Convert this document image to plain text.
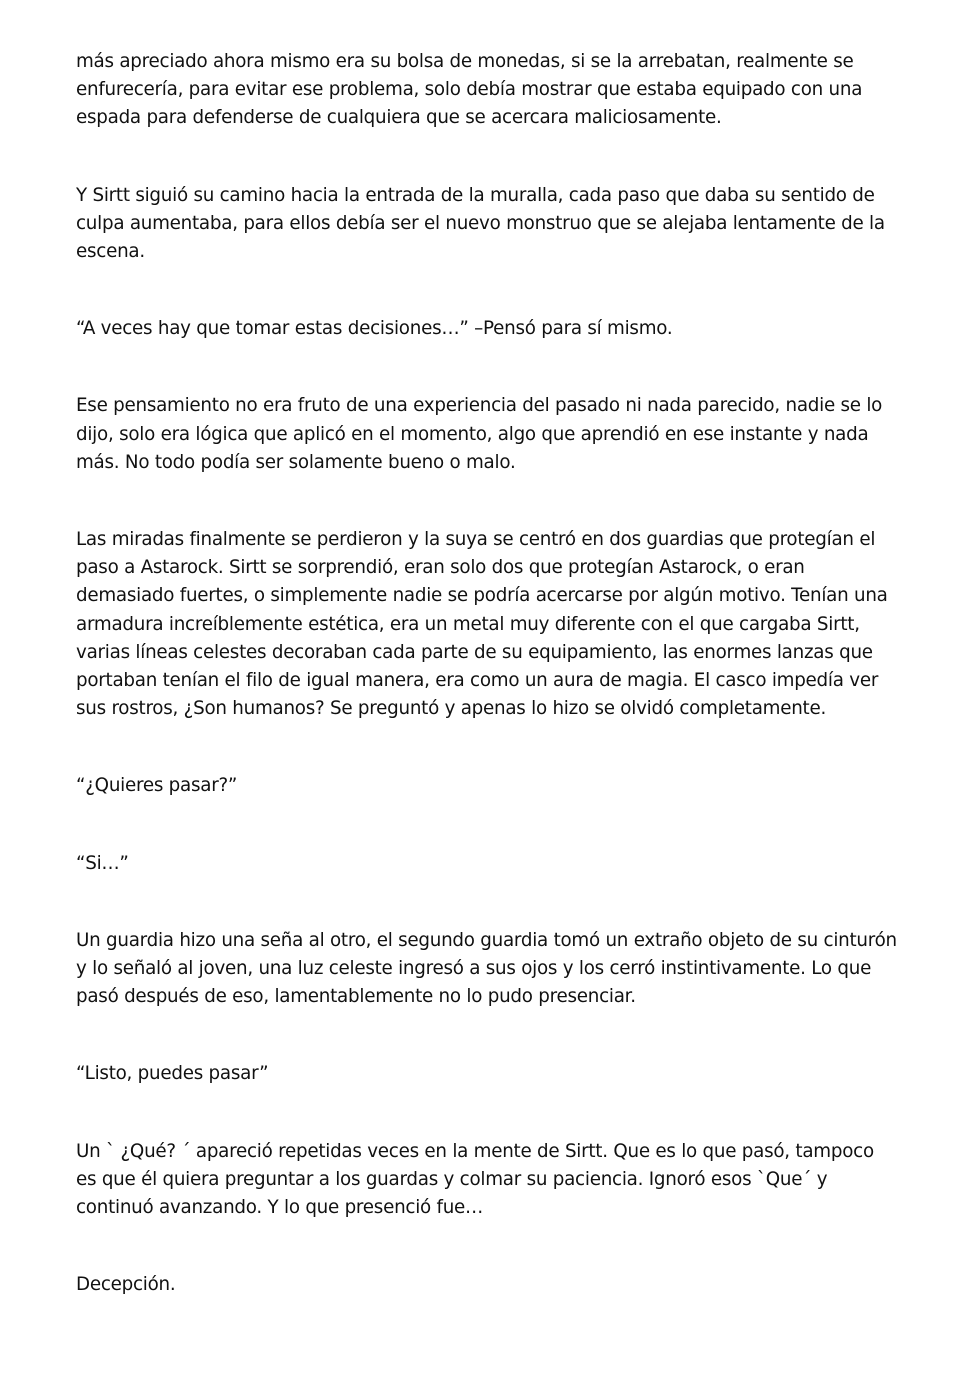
más apreciado ahora mismo era su bolsa de monedas, si se la arrebatan, realmente se enfurecería, para evitar ese problema, solo debía mostrar que estaba equipado con una espada para defenderse de cualquiera que se acercara maliciosamente.

Y Sirtt siguió su camino hacia la entrada de la muralla, cada paso que daba su sentido de culpa aumentaba, para ellos debía ser el nuevo monstruo que se alejaba lentamente de la escena.

“A veces hay que tomar estas decisiones…” –Pensó para sí mismo.

Ese pensamiento no era fruto de una experiencia del pasado ni nada parecido, nadie se lo dijo, solo era lógica que aplicó en el momento, algo que aprendió en ese instante y nada más. No todo podía ser solamente bueno o malo.

Las miradas finalmente se perdieron y la suya se centró en dos guardias que protegían el paso a Astarock. Sirtt se sorprendió, eran solo dos que protegían Astarock, o eran demasiado fuertes, o simplemente nadie se podría acercarse por algún motivo. Tenían una armadura increíblemente estética, era un metal muy diferente con el que cargaba Sirtt, varias líneas celestes decoraban cada parte de su equipamiento, las enormes lanzas que portaban tenían el filo de igual manera, era como un aura de magia. El casco impedía ver sus rostros, ¿Son humanos? Se preguntó y apenas lo hizo se olvidó completamente.

“¿Quieres pasar?”

“Si…”

Un guardia hizo una seña al otro, el segundo guardia tomó un extraño objeto de su cinturón y lo señaló al joven, una luz celeste ingresó a sus ojos y los cerró instintivamente. Lo que pasó después de eso, lamentablemente no lo pudo presenciar.

“Listo, puedes pasar”

Un ` ¿Qué? ´ apareció repetidas veces en la mente de Sirtt. Que es lo que pasó, tampoco es que él quiera preguntar a los guardas y colmar su paciencia. Ignoró esos `Que´ y continuó avanzando. Y lo que presenció fue…

Decepción.
